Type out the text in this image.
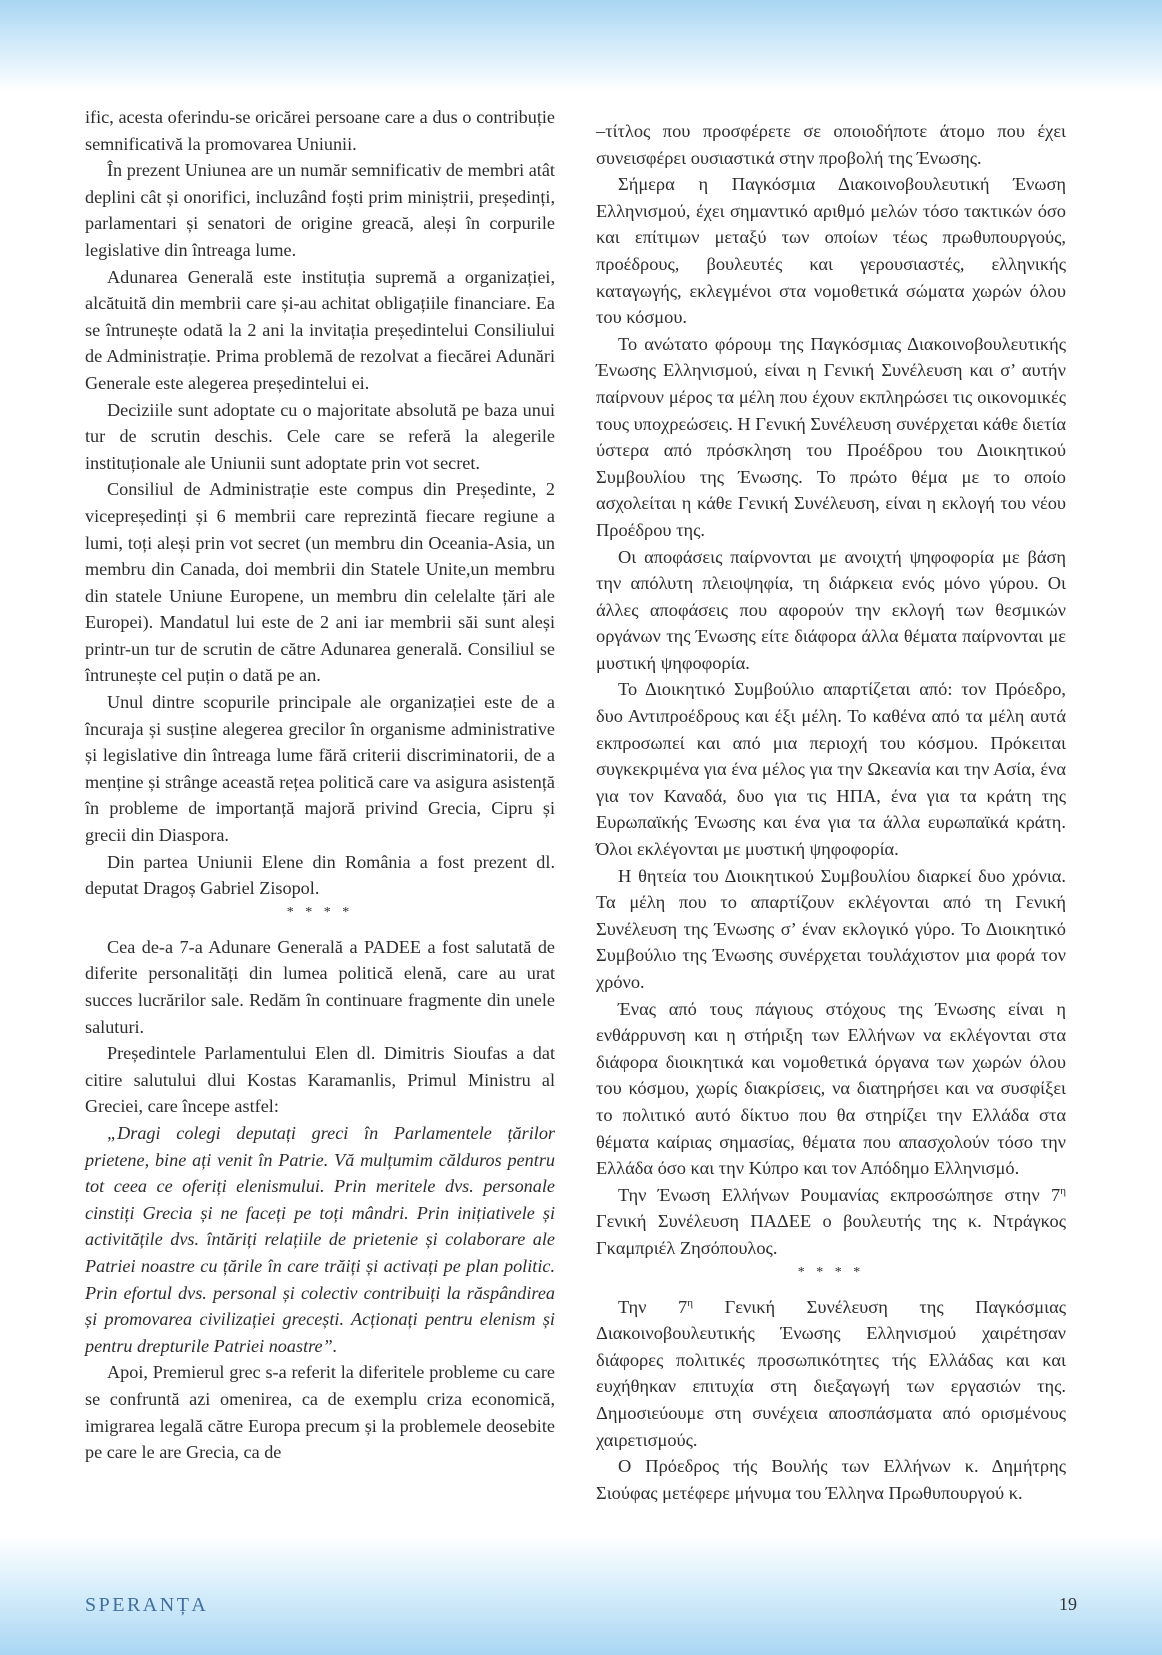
ific, acesta oferindu-se oricărei persoane care a dus o contribuție semnificativă la promovarea Uniunii.

În prezent Uniunea are un număr semnificativ de membri atât deplini cât și onorifici, incluzând foști prim miniștrii, președinți, parlamentari și senatori de origine greacă, aleși în corpurile legislative din întreaga lume.

Adunarea Generală este instituția supremă a organizației, alcătuită din membrii care și-au achitat obligațiile financiare. Ea se întrunește odată la 2 ani la invitația președintelui Consiliului de Administrație. Prima problemă de rezolvat a fiecărei Adunări Generale este alegerea președintelui ei.

Deciziile sunt adoptate cu o majoritate absolută pe baza unui tur de scrutin deschis. Cele care se referă la alegerile instituționale ale Uniunii sunt adoptate prin vot secret.

Consiliul de Administrație este compus din Președinte, 2 vicepreședinți și 6 membrii care reprezintă fiecare regiune a lumi, toți aleși prin vot secret (un membru din Oceania-Asia, un membru din Canada, doi membrii din Statele Unite,un membru din statele Uniune Europene, un membru din celelalte țări ale Europei). Mandatul lui este de 2 ani iar membrii săi sunt aleși printr-un tur de scrutin de către Adunarea generală. Consiliul se întrunește cel puțin o dată pe an.

Unul dintre scopurile principale ale organizației este de a încuraja și susține alegerea grecilor în organisme administrative și legislative din întreaga lume fără criterii discriminatorii, de a menține și strânge această rețea politică care va asigura asistență în probleme de importanță majoră privind Grecia, Cipru și grecii din Diaspora.

Din partea Uniunii Elene din România a fost prezent dl. deputat Dragoș Gabriel Zisopol.

* * * *

Cea de-a 7-a Adunare Generală a PADEE a fost salutată de diferite personalități din lumea politică elenă, care au urat succes lucrărilor sale. Redăm în continuare fragmente din unele saluturi.

Președintele Parlamentului Elen dl. Dimitris Sioufas a dat citire salutului dlui Kostas Karamanlis, Primul Ministru al Greciei, care începe astfel:

„Dragi colegi deputați greci în Parlamentele țărilor prietene, bine ați venit în Patrie. Vă mulțumim călduros pentru tot ceea ce oferiți elenismului. Prin meritele dvs. personale cinstiți Grecia și ne faceți pe toți mândri. Prin inițiativele și activitățile dvs. întăriți relațiile de prietenie și colaborare ale Patriei noastre cu țările în care trăiți și activați pe plan politic. Prin efortul dvs. personal și colectiv contribuiți la răspândirea și promovarea civilizației grecești. Acționați pentru elenism și pentru drepturile Patriei noastre”.

Apoi, Premierul grec s-a referit la diferitele probleme cu care se confruntă azi omenirea, ca de exemplu criza economică, imigrarea legală către Europa precum și la problemele deosebite pe care le are Grecia, ca de

–τίτλος που προσφέρετε σε οποιοδήποτε άτομο που έχει συνεισφέρει ουσιαστικά στην προβολή της Ένωσης.

Σήμερα η Παγκόσμια Διακοινοβουλευτική Ένωση Ελληνισμού, έχει σημαντικό αριθμό μελών τόσο τακτικών όσο και επίτιμων μεταξύ των οποίων τέως πρωθυπουργούς, προέδρους, βουλευτές και γερουσιαστές, ελληνικής καταγωγής, εκλεγμένοι στα νομοθετικά σώματα χωρών όλου του κόσμου.

Το ανώτατο φόρουμ της Παγκόσμιας Διακοινοβουλευτικής Ένωσης Ελληνισμού, είναι η Γενική Συνέλευση και σ’ αυτήν παίρνουν μέρος τα μέλη που έχουν εκπληρώσει τις οικονομικές τους υποχρεώσεις. Η Γενική Συνέλευση συνέρχεται κάθε διετία ύστερα από πρόσκληση του Προέδρου του Διοικητικού Συμβουλίου της Ένωσης. Το πρώτο θέμα με το οποίο ασχολείται η κάθε Γενική Συνέλευση, είναι η εκλογή του νέου Προέδρου της.

Οι αποφάσεις παίρνονται με ανοιχτή ψηφοφορία με βάση την απόλυτη πλειοψηφία, τη διάρκεια ενός μόνο γύρου. Οι άλλες αποφάσεις που αφορούν την εκλογή των θεσμικών οργάνων της Ένωσης είτε διάφορα άλλα θέματα παίρνονται με μυστική ψηφοφορία.

Το Διοικητικό Συμβούλιο απαρτίζεται από: τον Πρόεδρο, δυο Αντιπροέδρους και έξι μέλη. Το καθένα από τα μέλη αυτά εκπροσωπεί και από μια περιοχή του κόσμου. Πρόκειται συγκεκριμένα για ένα μέλος για την Ωκεανία και την Ασία, ένα για τον Καναδά, δυο για τις ΗΠΑ, ένα για τα κράτη της Ευρωπαϊκής Ένωσης και ένα για τα άλλα ευρωπαϊκά κράτη. Όλοι εκλέγονται με μυστική ψηφοφορία.

Η θητεία του Διοικητικού Συμβουλίου διαρκεί δυο χρόνια. Τα μέλη που το απαρτίζουν εκλέγονται από τη Γενική Συνέλευση της Ένωσης σ’ έναν εκλογικό γύρο. Το Διοικητικό Συμβούλιο της Ένωσης συνέρχεται τουλάχιστον μια φορά τον χρόνο.

Ένας από τους πάγιους στόχους της Ένωσης είναι η ενθάρρυνση και η στήριξη των Ελλήνων να εκλέγονται στα διάφορα διοικητικά και νομοθετικά όργανα των χωρών όλου του κόσμου, χωρίς διακρίσεις, να διατηρήσει και να συσφίξει το πολιτικό αυτό δίκτυο που θα στηρίζει την Ελλάδα στα θέματα καίριας σημασίας, θέματα που απασχολούν τόσο την Ελλάδα όσο και την Κύπρο και τον Απόδημο Ελληνισμό.

Την Ένωση Ελλήνων Ρουμανίας εκπροσώπησε στην $7^\eta$ Γενική Συνέλευση ΠΑΔΕΕ ο βουλευτής της κ. Ντράγκος Γκαμπριέλ Ζησόπουλος.

* * * *

Την $7^\eta$ Γενική Συνέλευση της Παγκόσμιας Διακοινοβουλευτικής Ένωσης Ελληνισμού χαιρέτησαν διάφορες πολιτικές προσωπικότητες τής Ελλάδας και και ευχήθηκαν επιτυχία στη διεξαγωγή των εργασιών της. Δημοσιεύουμε στη συνέχεια αποσπάσματα από ορισμένους χαιρετισμούς.

Ο Πρόεδρος τής Βουλής των Ελλήνων κ. Δημήτρης Σιούφας μετέφερε μήνυμα του Έλληνα Πρωθυπουργού κ.

SPERANȚA	19
